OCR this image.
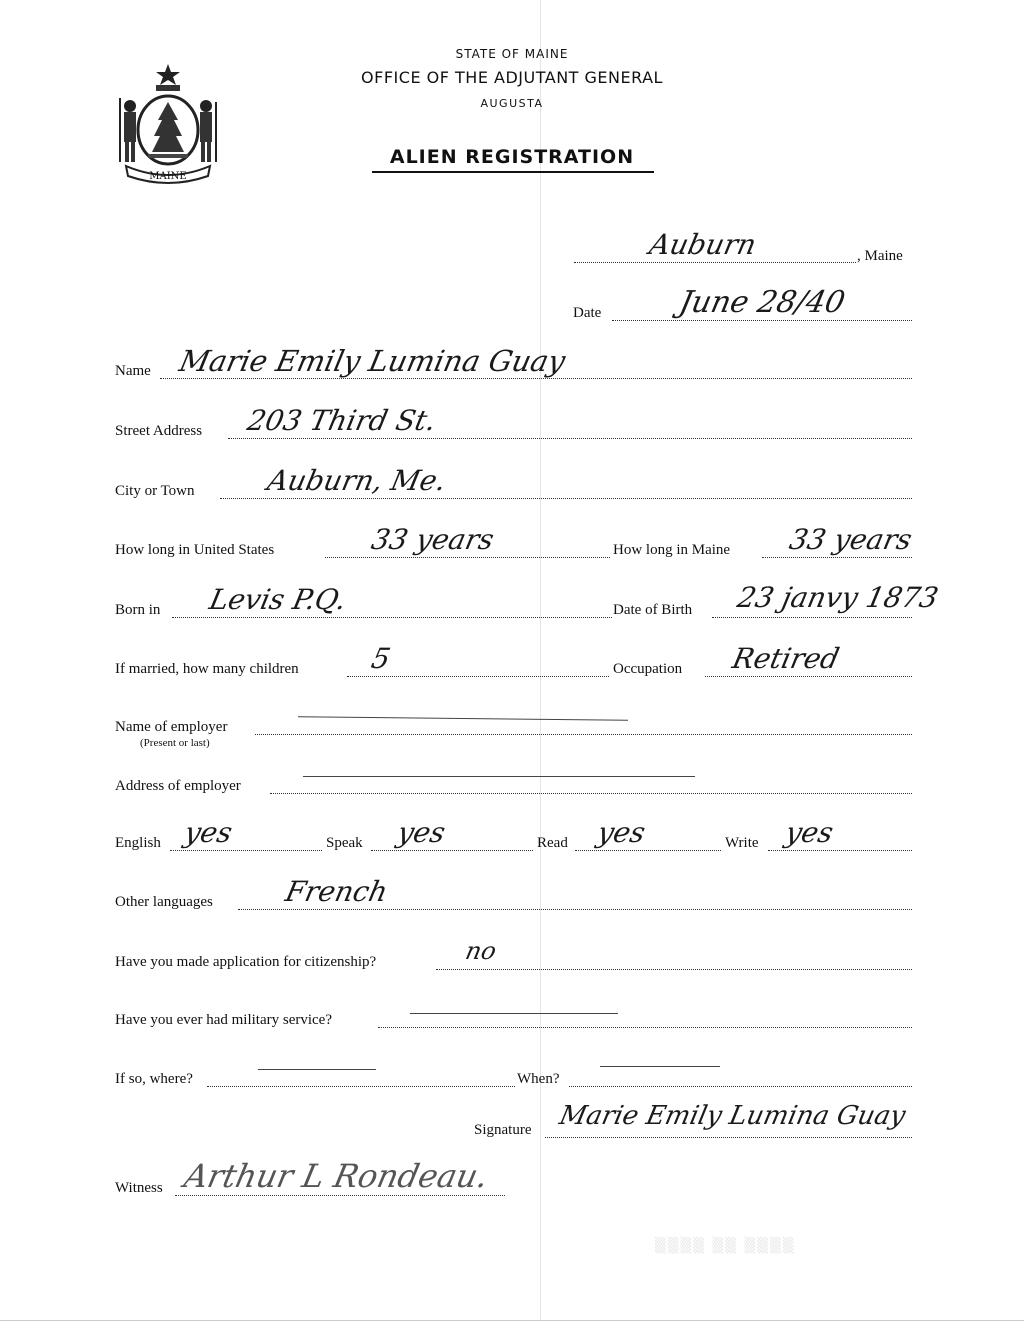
MAINE
STATE OF MAINE
OFFICE OF THE ADJUTANT GENERAL
AUGUSTA
ALIEN REGISTRATION
Auburn	, Maine
Date June 28/40
Name Marie Emily Lumina Guay
Street Address 203 Third St.
City or Town Auburn, Me.
How long in United States	33 years	How long in Maine 33 years
Born in Levis P.Q.	Date of Birth 23 janvy 1873
If married, how many children 5	Occupation Retired
Name of employer
(Present or last)
Address of employer
English yes	Speak yes	Read yes	Write yes
Other languages French
Have you made application for citizenship?	no
Have you ever had military service?
If so, where?	When?
Signature Marie Emily Lumina Guay
Witness Arthur L Rondeau.
▒▒▒▒ ▒▒ ▒▒▒▒
